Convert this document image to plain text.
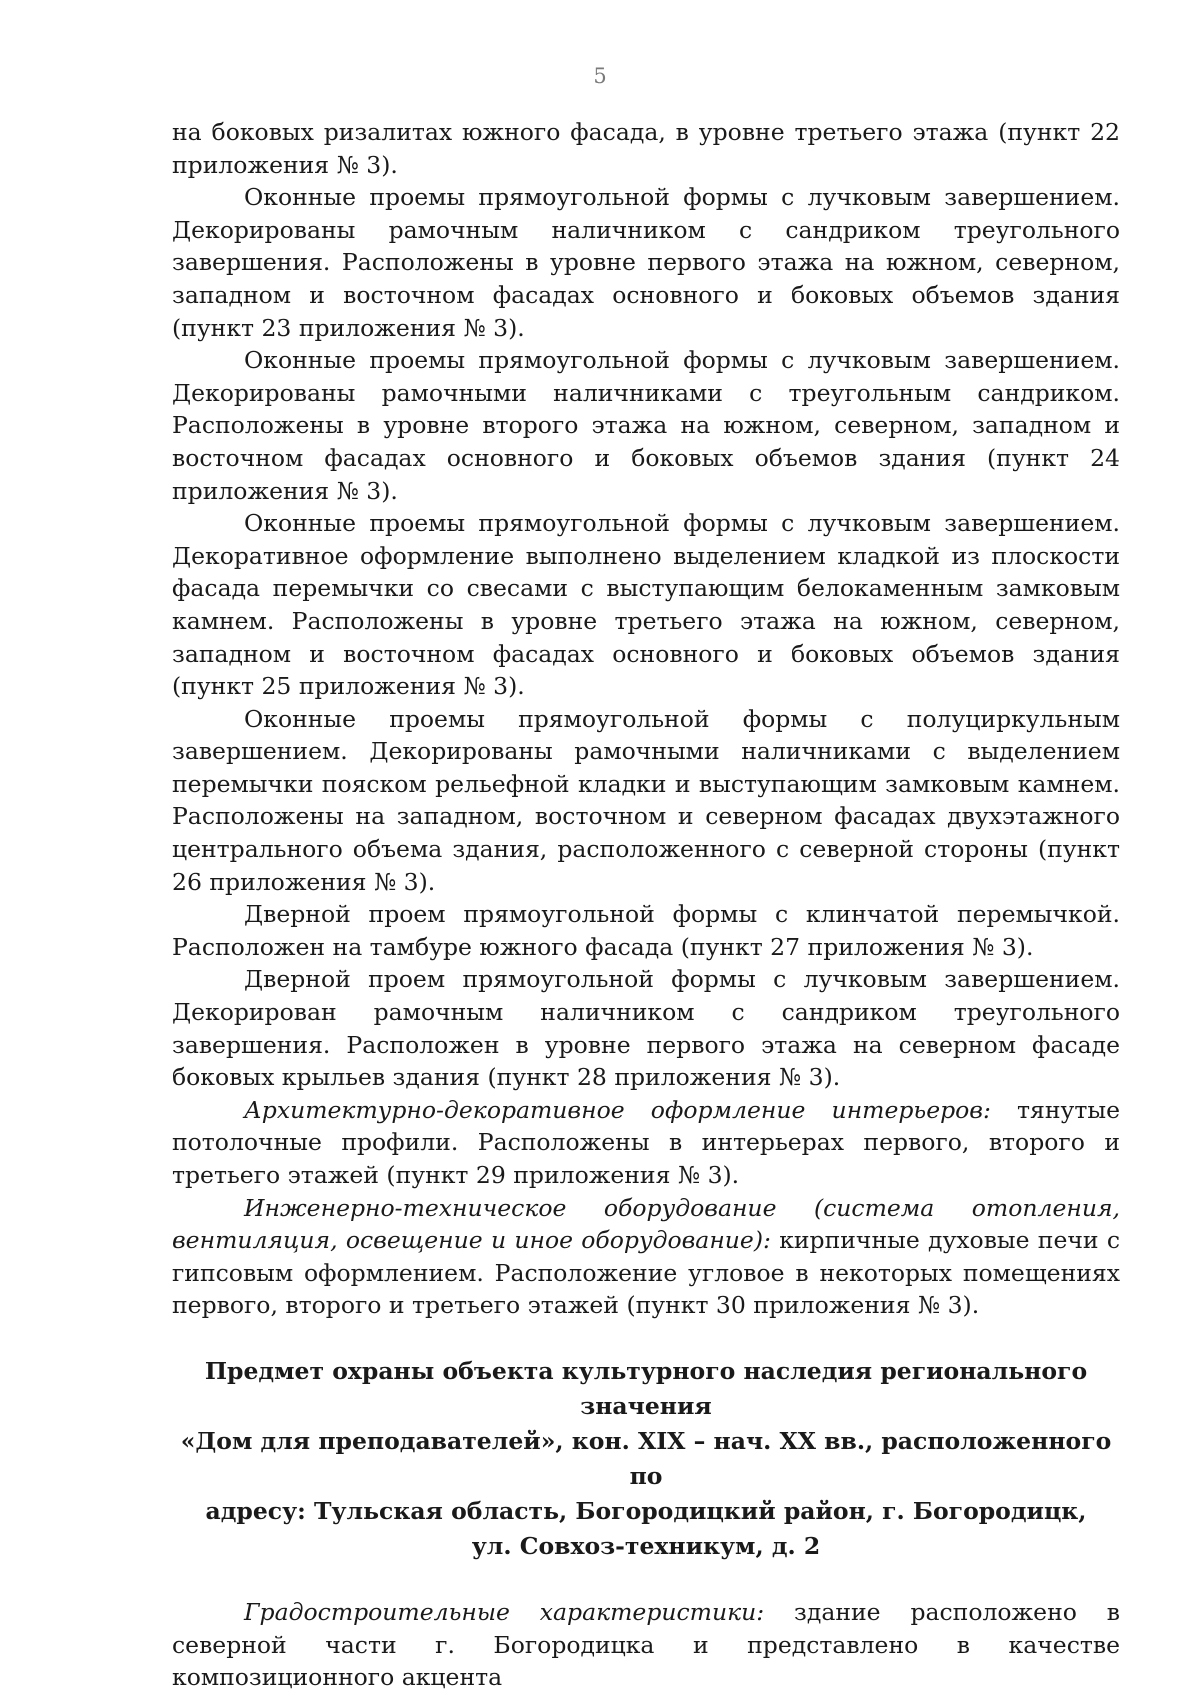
5

на боковых ризалитах южного фасада, в уровне третьего этажа (пункт 22 приложения № 3).

Оконные проемы прямоугольной формы с лучковым завершением. Декорированы рамочным наличником с сандриком треугольного завершения. Расположены в уровне первого этажа на южном, северном, западном и восточном фасадах основного и боковых объемов здания (пункт 23 приложения № 3).

Оконные проемы прямоугольной формы с лучковым завершением. Декорированы рамочными наличниками с треугольным сандриком. Расположены в уровне второго этажа на южном, северном, западном и восточном фасадах основного и боковых объемов здания (пункт 24 приложения № 3).

Оконные проемы прямоугольной формы с лучковым завершением. Декоративное оформление выполнено выделением кладкой из плоскости фасада перемычки со свесами с выступающим белокаменным замковым камнем. Расположены в уровне третьего этажа на южном, северном, западном и восточном фасадах основного и боковых объемов здания (пункт 25 приложения № 3).

Оконные проемы прямоугольной формы с полуциркульным завершением. Декорированы рамочными наличниками с выделением перемычки пояском рельефной кладки и выступающим замковым камнем. Расположены на западном, восточном и северном фасадах двухэтажного центрального объема здания, расположенного с северной стороны (пункт 26 приложения № 3).

Дверной проем прямоугольной формы с клинчатой перемычкой. Расположен на тамбуре южного фасада (пункт 27 приложения № 3).

Дверной проем прямоугольной формы с лучковым завершением. Декорирован рамочным наличником с сандриком треугольного завершения. Расположен в уровне первого этажа на северном фасаде боковых крыльев здания (пункт 28 приложения № 3).

Архитектурно-декоративное оформление интерьеров: тянутые потолочные профили. Расположены в интерьерах первого, второго и третьего этажей (пункт 29 приложения № 3).

Инженерно-техническое оборудование (система отопления, вентиляция, освещение и иное оборудование): кирпичные духовые печи с гипсовым оформлением. Расположение угловое в некоторых помещениях первого, второго и третьего этажей (пункт 30 приложения № 3).

Предмет охраны объекта культурного наследия регионального значения
«Дом для преподавателей», кон. XIX – нач. XX вв., расположенного по
адресу: Тульская область, Богородицкий район, г. Богородицк,
ул. Совхоз-техникум, д. 2

Градостроительные характеристики: здание расположено в северной части г. Богородицка и представлено в качестве композиционного акцента
